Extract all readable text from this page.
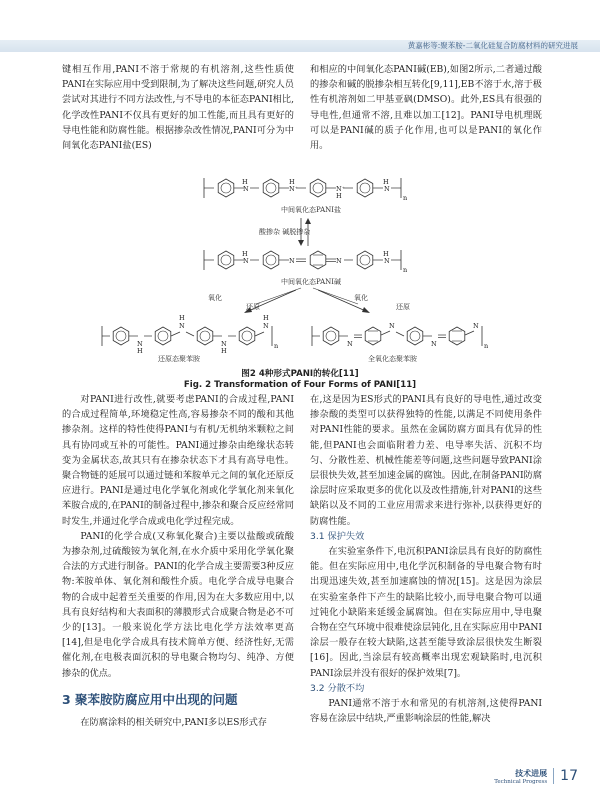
黄嘉彬等:聚苯胺-二氧化硅复合防腐材料的研究进展

键相互作用,PANI不溶于常规的有机溶剂,这些性质使PANI在实际应用中受到限制,为了解决这些问题,研究人员尝试对其进行不同方法改性,与不导电的本征态PANI相比,化学改性PANI不仅具有更好的加工性能,而且具有更好的导电性能和防腐性能。根据掺杂改性情况,PANI可分为中间氧化态PANI盐(ES)

和相应的中间氧化态PANI碱(EB),如图2所示,二者通过酸的掺杂和碱的脱掺杂相互转化[9,11],EB不溶于水,溶于极性有机溶剂如二甲基亚砜(DMSO)。此外,ES具有很强的导电性,但通常不溶,且难以加工[12]。PANI导电机理既可以是PANI碱的质子化作用,也可以是PANI的氧化作用。

H
N
H
N⁺	N⁺
H
H
N
n
中间氧化态PANI盐
酸掺杂 碱脱掺杂
H
N	N	N
H
N
n
中间氧化态PANI碱
氧化
还原
氧化
还原
N
H
H
N
N
H
H
N
n
还原态聚苯胺
N
N
N
N
n
全氧化态聚苯胺
图2 4种形式PANI的转化[11]
Fig. 2 Transformation of Four Forms of PANI[11]

对PANI进行改性,就要考虑PANI的合成过程,PANI的合成过程简单,环境稳定性高,容易掺杂不同的酸和其他掺杂剂。这样的特性使得PANI与有机/无机纳米颗粒之间具有协同或互补的可能性。PANI通过掺杂由绝缘状态转变为金属状态,故其只有在掺杂状态下才具有高导电性。聚合物链的延展可以通过链和苯胺单元之间的氧化还原反应进行。PANI是通过电化学氧化剂或化学氧化剂来氧化苯胺合成的,在PANI的制备过程中,掺杂和聚合反应经常同时发生,并通过化学合成或电化学过程完成。

PANI的化学合成(又称氧化聚合)主要以盐酸或硫酸为掺杂剂,过硫酸铵为氧化剂,在水介质中采用化学氧化聚合法的方式进行制备。PANI的化学合成主要需要3种反应物:苯胺单体、氧化剂和酸性介质。电化学合成导电聚合物的合成中起着至关重要的作用,因为在大多数应用中,以具有良好结构和大表面积的薄膜形式合成聚合物是必不可少的[13]。一般来说化学方法比电化学方法效率更高[14],但是电化学合成具有技术简单方便、经济性好,无需催化剂,在电极表面沉积的导电聚合物均匀、纯净、方便掺杂的优点。

3 聚苯胺防腐应用中出现的问题

在防腐涂料的相关研究中,PANI多以ES形式存

在,这是因为ES形式的PANI具有良好的导电性,通过改变掺杂酸的类型可以获得独特的性能,以满足不同使用条件对PANI性能的要求。虽然在金属防腐方面具有优异的性能,但PANI也会面临附着力差、电导率失活、沉积不均匀、分散性差、机械性能差等问题,这些问题导致PANI涂层很快失效,甚至加速金属的腐蚀。因此,在制备PANI防腐涂层时应采取更多的优化以及改性措施,针对PANI的这些缺陷以及不同的工业应用需求来进行弥补,以获得更好的防腐性能。

3.1 保护失效

在实验室条件下,电沉积PANI涂层具有良好的防腐性能。但在实际应用中,电化学沉积制备的导电聚合物有时出现迅速失效,甚至加速腐蚀的情况[15]。这是因为涂层在实验室条件下产生的缺陷比较小,而导电聚合物可以通过钝化小缺陷来延缓金属腐蚀。但在实际应用中,导电聚合物在空气环境中很难使涂层钝化,且在实际应用中PANI涂层一般存在较大缺陷,这甚至能导致涂层很快发生断裂[16]。因此,当涂层有较高概率出现宏观缺陷时,电沉积PANI涂层并没有很好的保护效果[7]。

3.2 分散不均

PANI通常不溶于水和常见的有机溶剂,这使得PANI容易在涂层中结块,严重影响涂层的性能,解决

技术进展
Technical Progress 17
